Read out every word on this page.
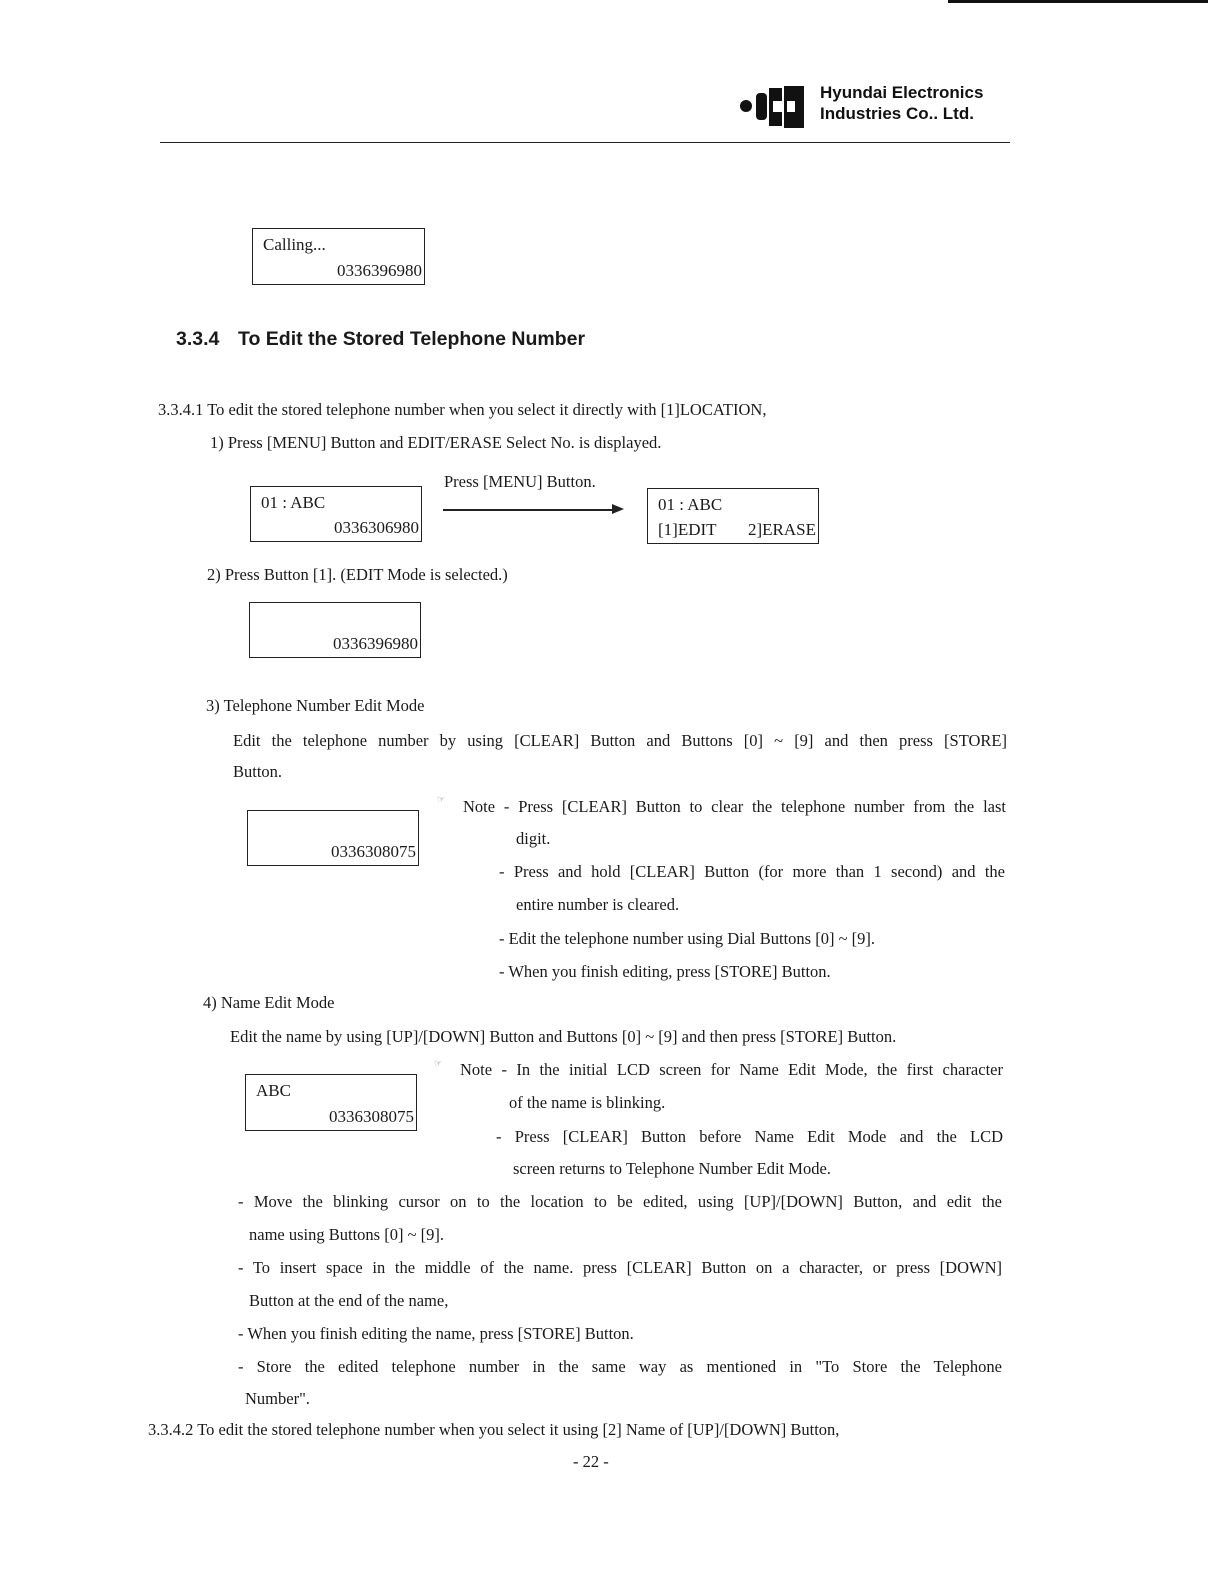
Hyundai Electronics
Industries Co.. Ltd.
Calling...
0336396980
3.3.4 To Edit the Stored Telephone Number
3.3.4.1 To edit the stored telephone number when you select it directly with [1]LOCATION,
1) Press [MENU] Button and EDIT/ERASE Select No. is displayed.
01 : ABC
0336306980
Press [MENU] Button.
01 : ABC
[1]EDIT 2]ERASE
2) Press Button [1]. (EDIT Mode is selected.)
0336396980
3) Telephone Number Edit Mode
Edit the telephone number by using [CLEAR] Button and Buttons [0] ~ [9] and then press [STORE]
Button.
0336308075
☞ Note - Press [CLEAR] Button to clear the telephone number from the last
digit.
- Press and hold [CLEAR] Button (for more than 1 second) and the
entire number is cleared.
- Edit the telephone number using Dial Buttons [0] ~ [9].
- When you finish editing, press [STORE] Button.
4) Name Edit Mode
Edit the name by using [UP]/[DOWN] Button and Buttons [0] ~ [9] and then press [STORE] Button.
ABC
0336308075
☞ Note - In the initial LCD screen for Name Edit Mode, the first character
of the name is blinking.
- Press [CLEAR] Button before Name Edit Mode and the LCD
screen returns to Telephone Number Edit Mode.
- Move the blinking cursor on to the location to be edited, using [UP]/[DOWN] Button, and edit the
name using Buttons [0] ~ [9].
- To insert space in the middle of the name. press [CLEAR] Button on a character, or press [DOWN]
Button at the end of the name,
- When you finish editing the name, press [STORE] Button.
- Store the edited telephone number in the same way as mentioned in "To Store the Telephone
Number".
3.3.4.2 To edit the stored telephone number when you select it using [2] Name of [UP]/[DOWN] Button,
- 22 -
